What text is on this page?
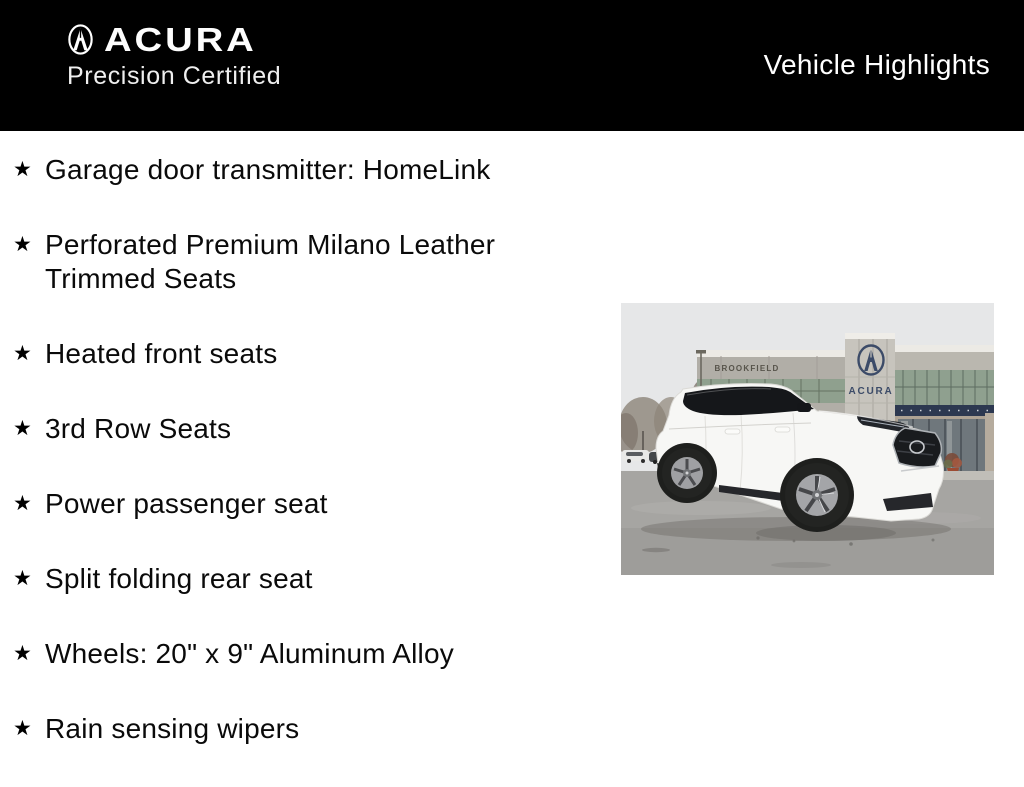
ACURA
Precision Certified	Vehicle Highlights
★ Garage door transmitter: HomeLink
★ Perforated Premium Milano Leather Trimmed Seats
★ Heated front seats
★ 3rd Row Seats
★ Power passenger seat
★ Split folding rear seat
★ Wheels: 20" x 9" Aluminum Alloy
★ Rain sensing wipers
BROOKFIELD
ACURA
